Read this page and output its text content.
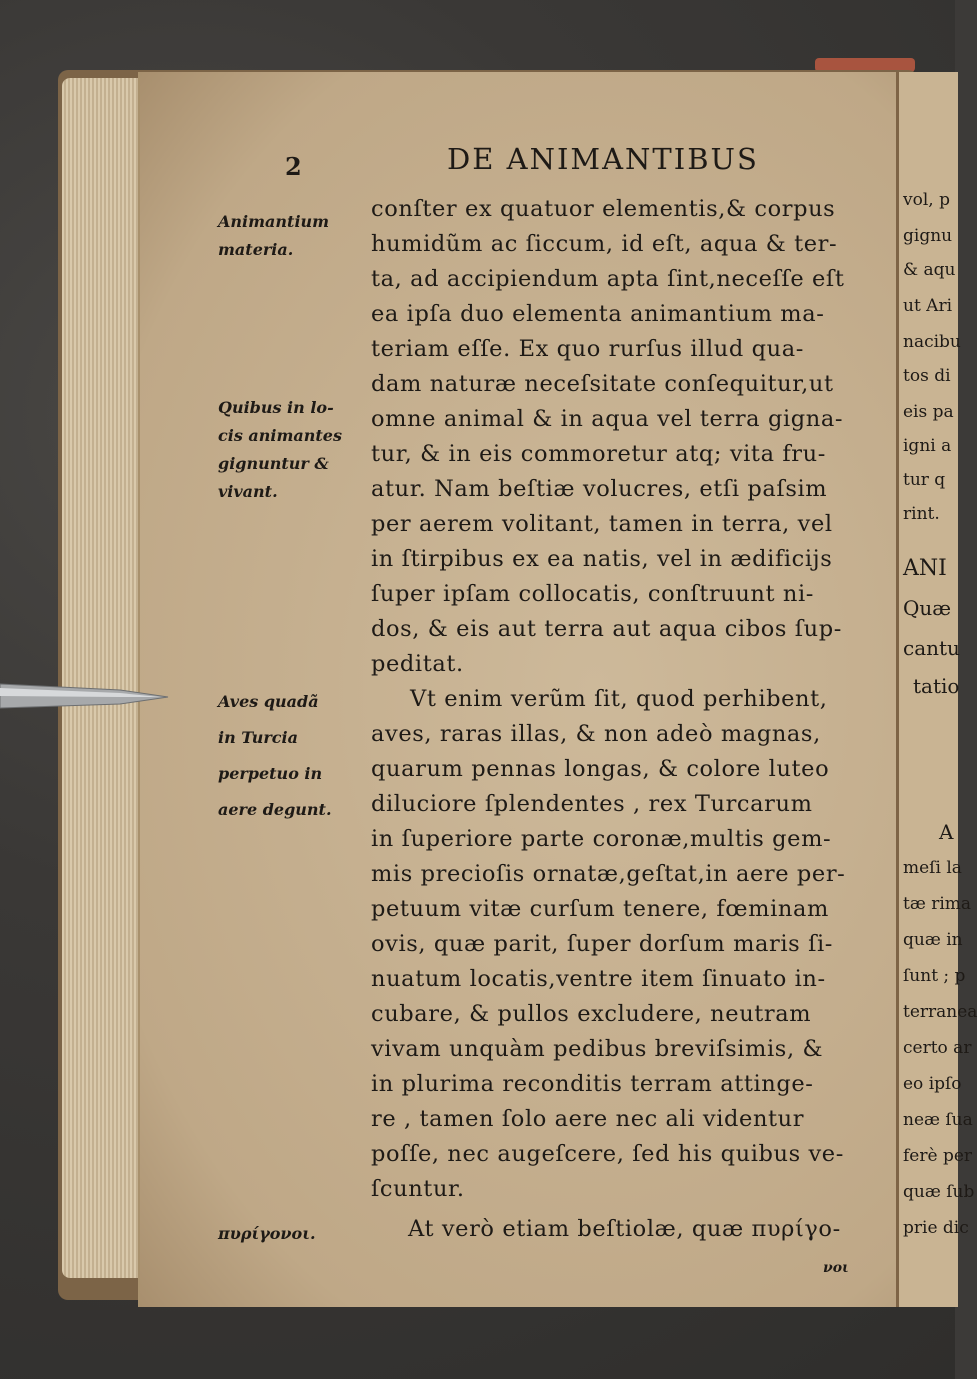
2	DE ANIMANTIBUS
conſter ex quatuor elementis,& corpus
humidũm ac ſiccum, id eſt, aqua & ter-
ta, ad accipiendum apta ſint,neceſſe eſt
ea ipſa duo elementa animantium ma-
teriam eſſe. Ex quo rurſus illud qua-
dam naturæ neceſsitate conſequitur,ut
omne animal & in aqua vel terra gigna-
tur, & in eis commoretur atq; vita fru-
atur. Nam beſtiæ volucres, etſi paſsim
per aerem volitant, tamen in terra, vel
in ſtirpibus ex ea natis, vel in ædificijs
ſuper ipſam collocatis, conſtruunt ni-
dos, & eis aut terra aut aqua cibos ſup-
peditat.
Vt enim verũm ſit, quod perhibent,
aves, raras illas, & non adeò magnas,
quarum pennas longas, & colore luteo
diluciore ſplendentes , rex Turcarum
in ſuperiore parte coronæ,multis gem-
mis precioſis ornatæ,geſtat,in aere per-
petuum vitæ curſum tenere, fœminam
ovis, quæ parit, ſuper dorſum maris ſi-
nuatum locatis,ventre item ſinuato in-
cubare, & pullos excludere, neutram
vivam unquàm pedibus breviſsimis, &
in plurima reconditis terram attinge-
re , tamen ſolo aere nec ali videntur
poſſe, nec augeſcere, ſed his quibus ve-
ſcuntur.
At verò etiam beſtiolæ, quæ πυρίγο-
νοι
Animantium
materia.
Quibus in lo-
cis animantes
gignuntur &
vivant.
Aves quadã
in Turcia
perpetuo in
aere degunt.
πυρίγονοι.
vol, p
gignu
& aqu
ut Ari
nacibu
tos di
eis pa
igni a
tur q
rint.
ANI
Quæ
cantu
tatio
A
meſi la
tæ rima
quæ in
ſunt ; p
terranea
certo ar
eo ipſo
neæ ſua
ferè per
quæ ſub
prie dic
